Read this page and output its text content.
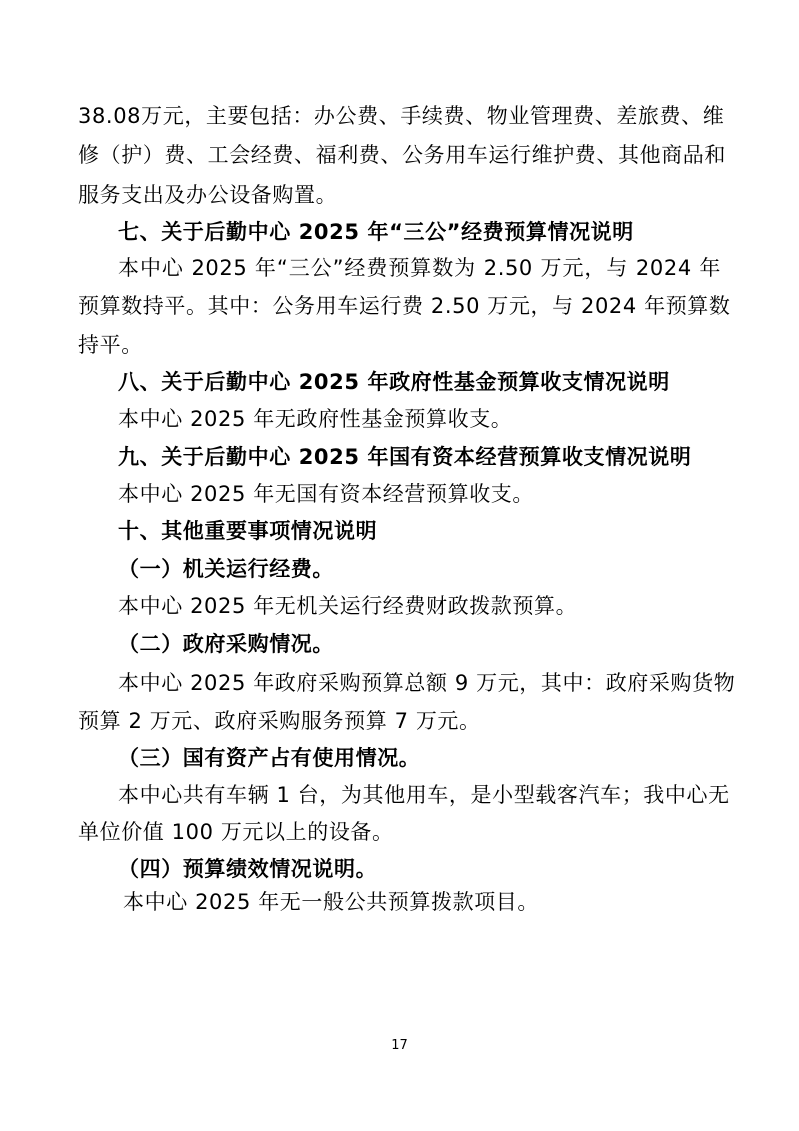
38.08万元，主要包括：办公费、手续费、物业管理费、差旅费、维
修（护）费、工会经费、福利费、公务用车运行维护费、其他商品和
服务支出及办公设备购置。
七、关于后勤中心 2025 年“三公”经费预算情况说明
本中心 2025 年“三公”经费预算数为 2.50 万元，与 2024 年
预算数持平。其中：公务用车运行费 2.50 万元，与 2024 年预算数
持平。
八、关于后勤中心 2025 年政府性基金预算收支情况说明
本中心 2025 年无政府性基金预算收支。
九、关于后勤中心 2025 年国有资本经营预算收支情况说明
本中心 2025 年无国有资本经营预算收支。
十、其他重要事项情况说明
（一）机关运行经费。
本中心 2025 年无机关运行经费财政拨款预算。
（二）政府采购情况。
本中心 2025 年政府采购预算总额 9 万元，其中：政府采购货物
预算 2 万元、政府采购服务预算 7 万元。
（三）国有资产占有使用情况。
本中心共有车辆 1 台，为其他用车，是小型载客汽车；我中心无
单位价值 100 万元以上的设备。
（四）预算绩效情况说明。
本中心 2025 年无一般公共预算拨款项目。
17
